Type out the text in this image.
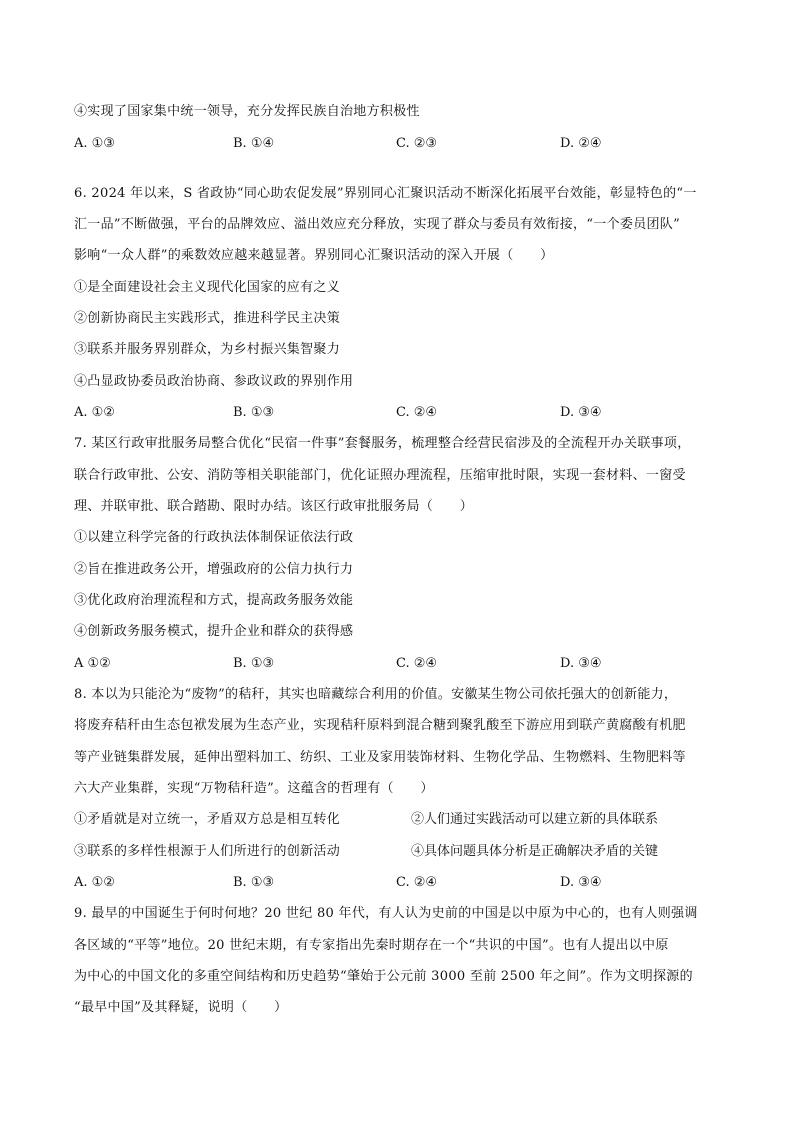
④实现了国家集中统一领导，充分发挥民族自治地方积极性
A. ①③	B. ①④	C. ②③	D. ②④
6. 2024 年以来，S 省政协“同心助农促发展”界别同心汇聚识活动不断深化拓展平台效能，彰显特色的“一
汇一品”不断做强，平台的品牌效应、溢出效应充分释放，实现了群众与委员有效衔接，“一个委员团队”
影响“一众人群”的乘数效应越来越显著。界别同心汇聚识活动的深入开展（　　）
①是全面建设社会主义现代化国家的应有之义
②创新协商民主实践形式，推进科学民主决策
③联系并服务界别群众，为乡村振兴集智聚力
④凸显政协委员政治协商、参政议政的界别作用
A. ①②	B. ①③	C. ②④	D. ③④
7. 某区行政审批服务局整合优化“民宿一件事”套餐服务，梳理整合经营民宿涉及的全流程开办关联事项，
联合行政审批、公安、消防等相关职能部门，优化证照办理流程，压缩审批时限，实现一套材料、一窗受
理、并联审批、联合踏勘、限时办结。该区行政审批服务局（　　）
①以建立科学完备的行政执法体制保证依法行政
②旨在推进政务公开，增强政府的公信力执行力
③优化政府治理流程和方式，提高政务服务效能
④创新政务服务模式，提升企业和群众的获得感
A ①②	B. ①③	C. ②④	D. ③④
8. 本以为只能沦为“废物”的秸秆，其实也暗藏综合利用的价值。安徽某生物公司依托强大的创新能力，
将废弃秸秆由生态包袱发展为生态产业，实现秸秆原料到混合糖到聚乳酸至下游应用到联产黄腐酸有机肥
等产业链集群发展，延伸出塑料加工、纺织、工业及家用装饰材料、生物化学品、生物燃料、生物肥料等
六大产业集群，实现“万物秸秆造”。这蕴含的哲理有（　　）
①矛盾就是对立统一，矛盾双方总是相互转化	②人们通过实践活动可以建立新的具体联系
③联系的多样性根源于人们所进行的创新活动	④具体问题具体分析是正确解决矛盾的关键
A. ①②	B. ①③	C. ②④	D. ③④
9. 最早的中国诞生于何时何地？20 世纪 80 年代，有人认为史前的中国是以中原为中心的，也有人则强调
各区域的“平等”地位。20 世纪末期，有专家指出先秦时期存在一个“共识的中国”。也有人提出以中原
为中心的中国文化的多重空间结构和历史趋势“肇始于公元前 3000 至前 2500 年之间”。作为文明探源的
“最早中国”及其释疑，说明（　　）
